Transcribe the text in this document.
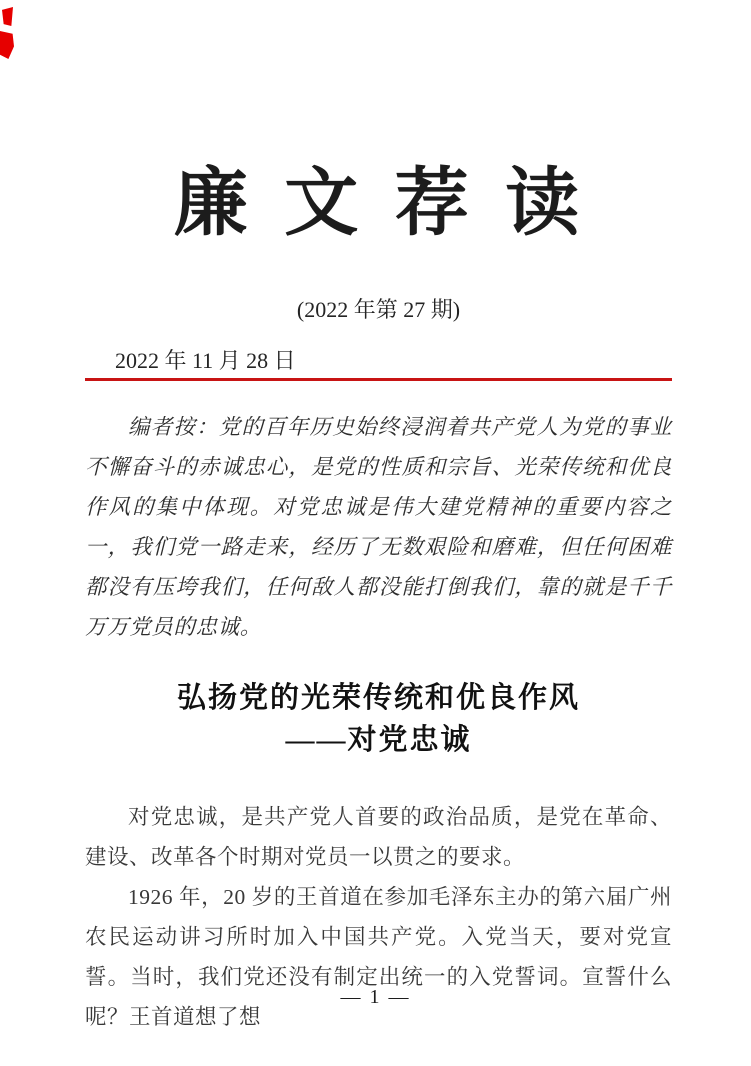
廉 文 荐 读
(2022 年第 27 期)
2022 年 11 月 28 日
编者按：党的百年历史始终浸润着共产党人为党的事业不懈奋斗的赤诚忠心，是党的性质和宗旨、光荣传统和优良作风的集中体现。对党忠诚是伟大建党精神的重要内容之一，我们党一路走来，经历了无数艰险和磨难，但任何困难都没有压垮我们，任何敌人都没能打倒我们，靠的就是千千万万党员的忠诚。
弘扬党的光荣传统和优良作风
——对党忠诚

对党忠诚，是共产党人首要的政治品质，是党在革命、建设、改革各个时期对党员一以贯之的要求。

1926 年，20 岁的王首道在参加毛泽东主办的第六届广州农民运动讲习所时加入中国共产党。入党当天，要对党宣誓。当时，我们党还没有制定出统一的入党誓词。宣誓什么呢？王首道想了想

— 1 —
